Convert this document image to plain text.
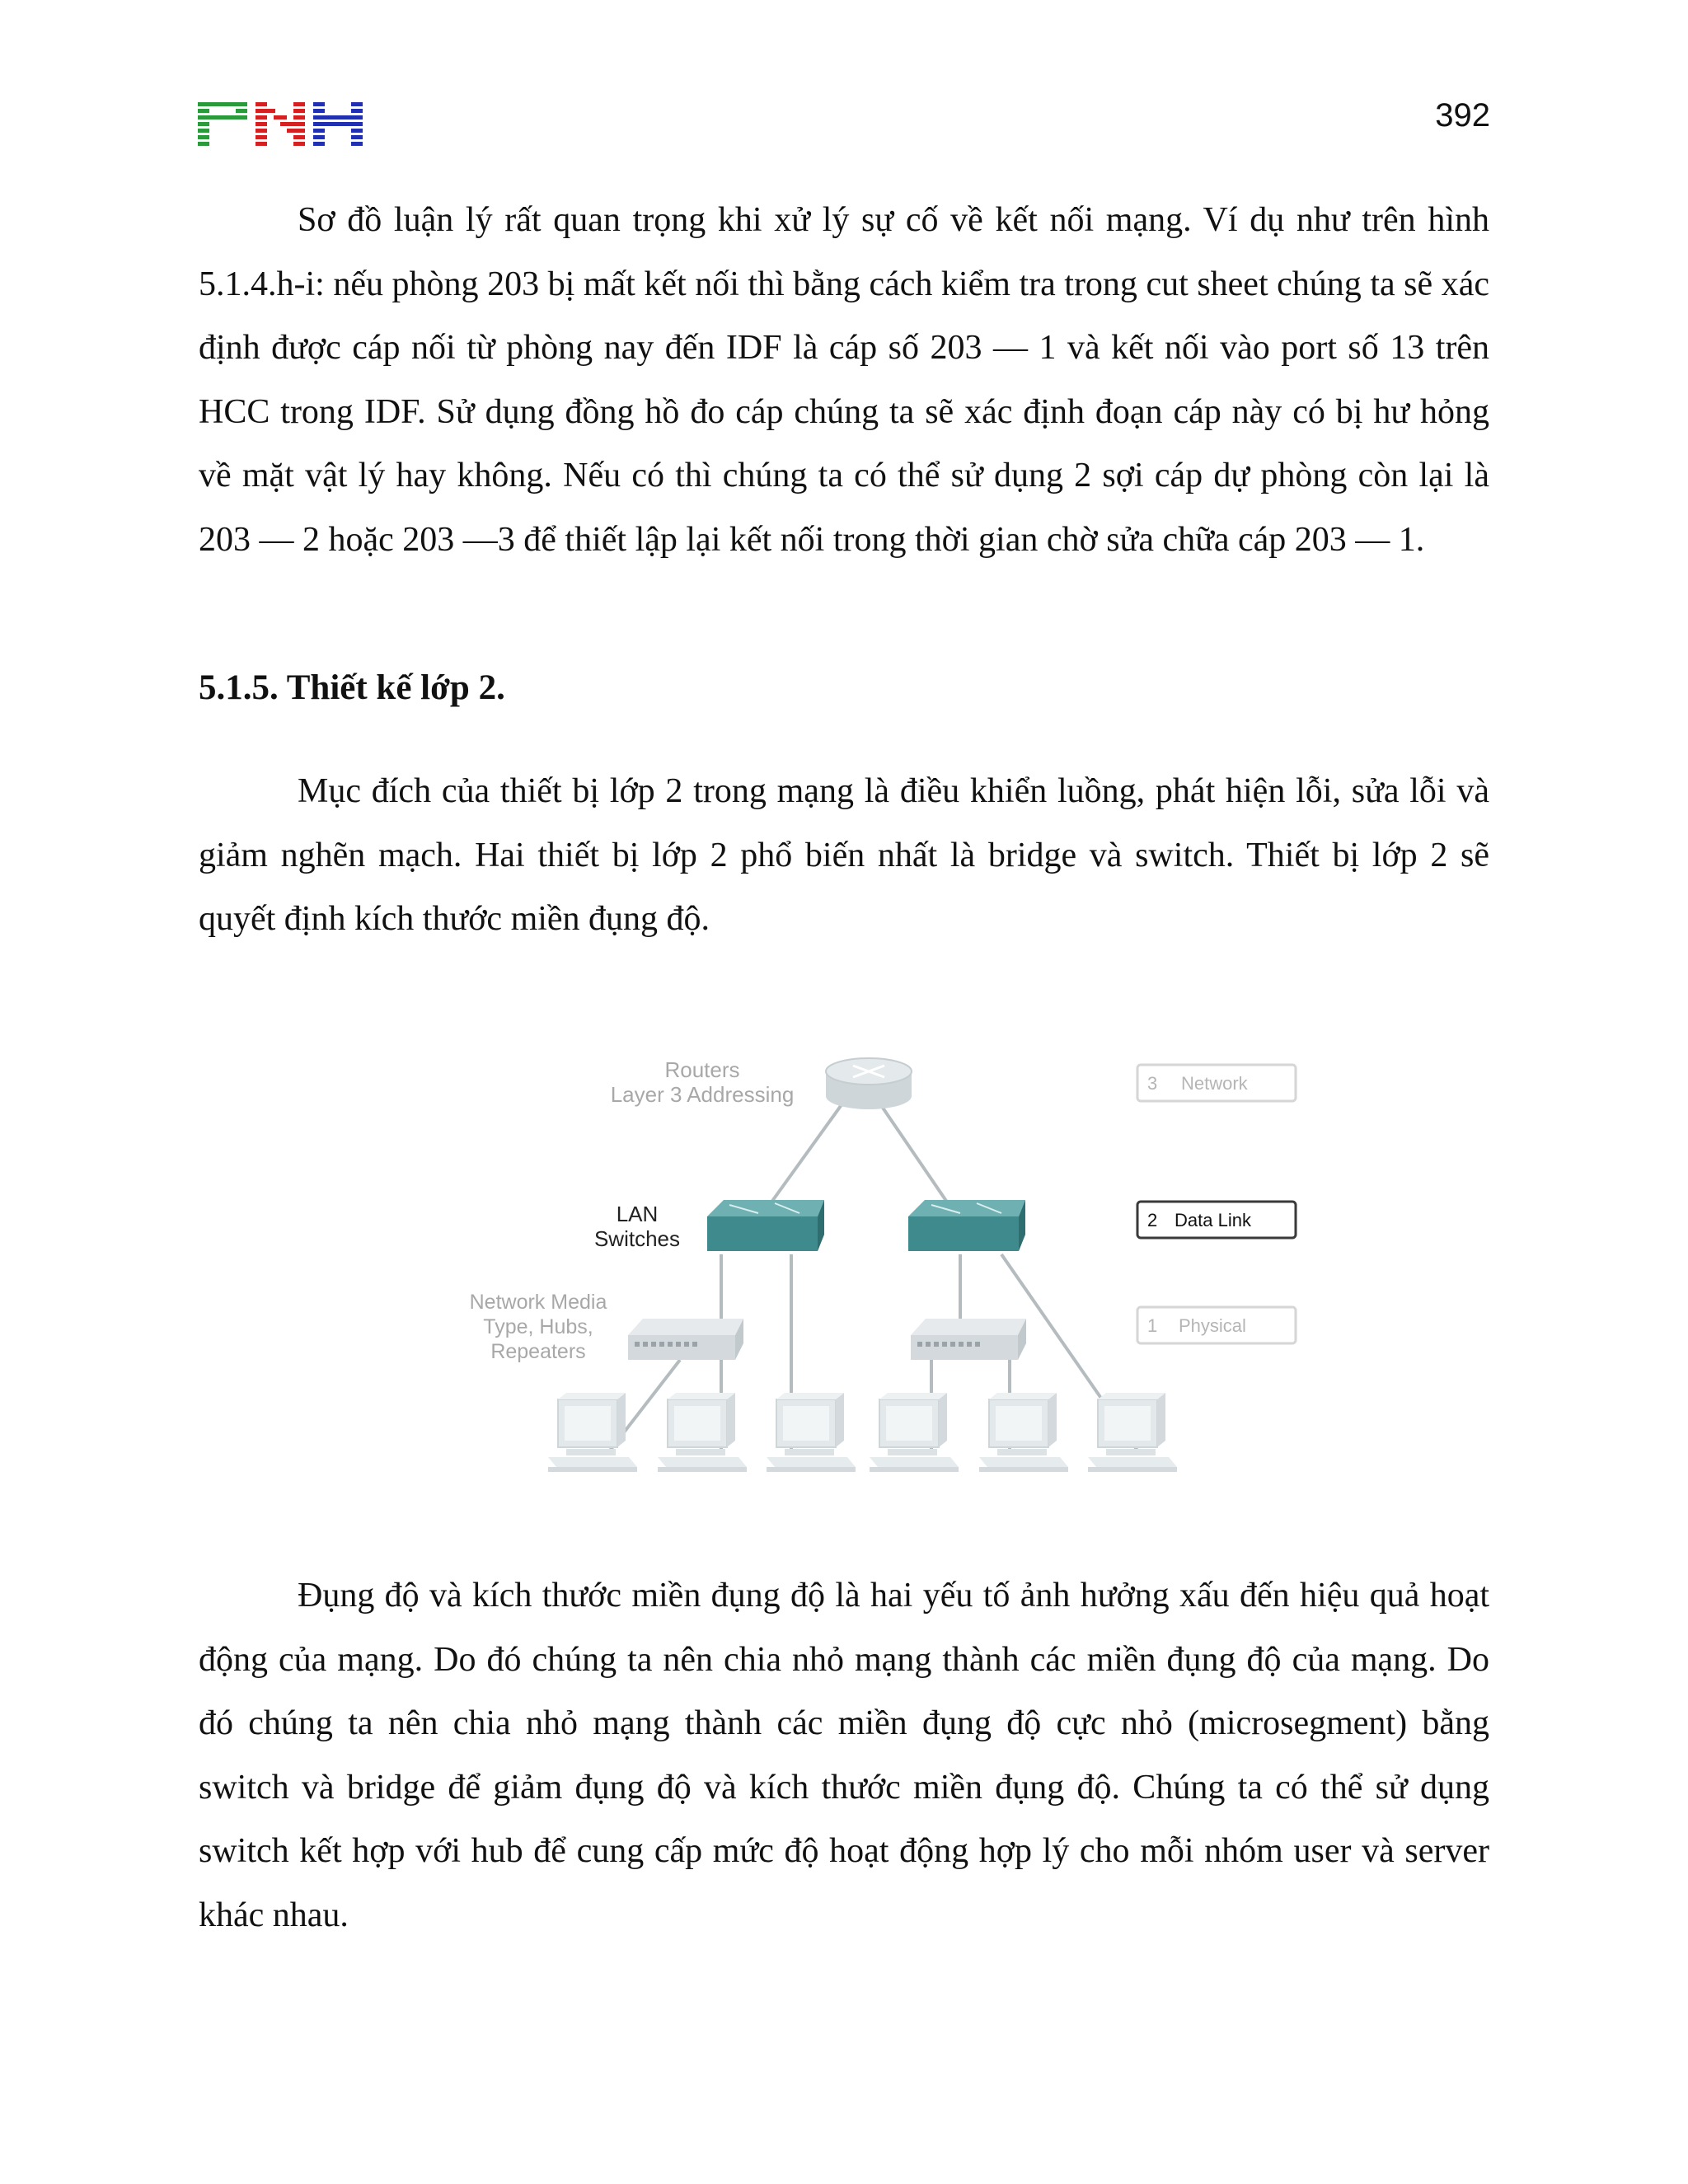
392

Sơ đồ luận lý rất quan trọng khi xử lý sự cố về kết nối mạng. Ví dụ như trên hình 5.1.4.h-i: nếu phòng 203 bị mất kết nối thì bằng cách kiểm tra trong cut sheet chúng ta sẽ xác định được cáp nối từ phòng nay đến IDF là cáp số 203 — 1 và kết nối vào port số 13 trên HCC trong IDF. Sử dụng đồng hồ đo cáp chúng ta sẽ xác định đoạn cáp này có bị hư hỏng về mặt vật lý hay không. Nếu có thì chúng ta có thể sử dụng 2 sợi cáp dự phòng còn lại là 203 — 2 hoặc 203 —3 để thiết lập lại kết nối trong thời gian chờ sửa chữa cáp 203 — 1.

5.1.5. Thiết kế lớp 2.

Mục đích của thiết bị lớp 2 trong mạng là điều khiển luồng, phát hiện lỗi, sửa lỗi và giảm nghẽn mạch. Hai thiết bị lớp 2 phổ biến nhất là bridge và switch. Thiết bị lớp 2 sẽ quyết định kích thước miền đụng độ.

Routers
Layer 3 Addressing
LAN
Switches
Network Media
Type, Hubs,
Repeaters
3 Network
2 Data Link
1 Physical

Đụng độ và kích thước miền đụng độ là hai yếu tố ảnh hưởng xấu đến hiệu quả hoạt động của mạng. Do đó chúng ta nên chia nhỏ mạng thành các miền đụng độ của mạng. Do đó chúng ta nên chia nhỏ mạng thành các miền đụng độ cực nhỏ (microsegment) bằng switch và bridge để giảm đụng độ và kích thước miền đụng độ. Chúng ta có thể sử dụng switch kết hợp với hub để cung cấp mức độ hoạt động hợp lý cho mỗi nhóm user và server khác nhau.
